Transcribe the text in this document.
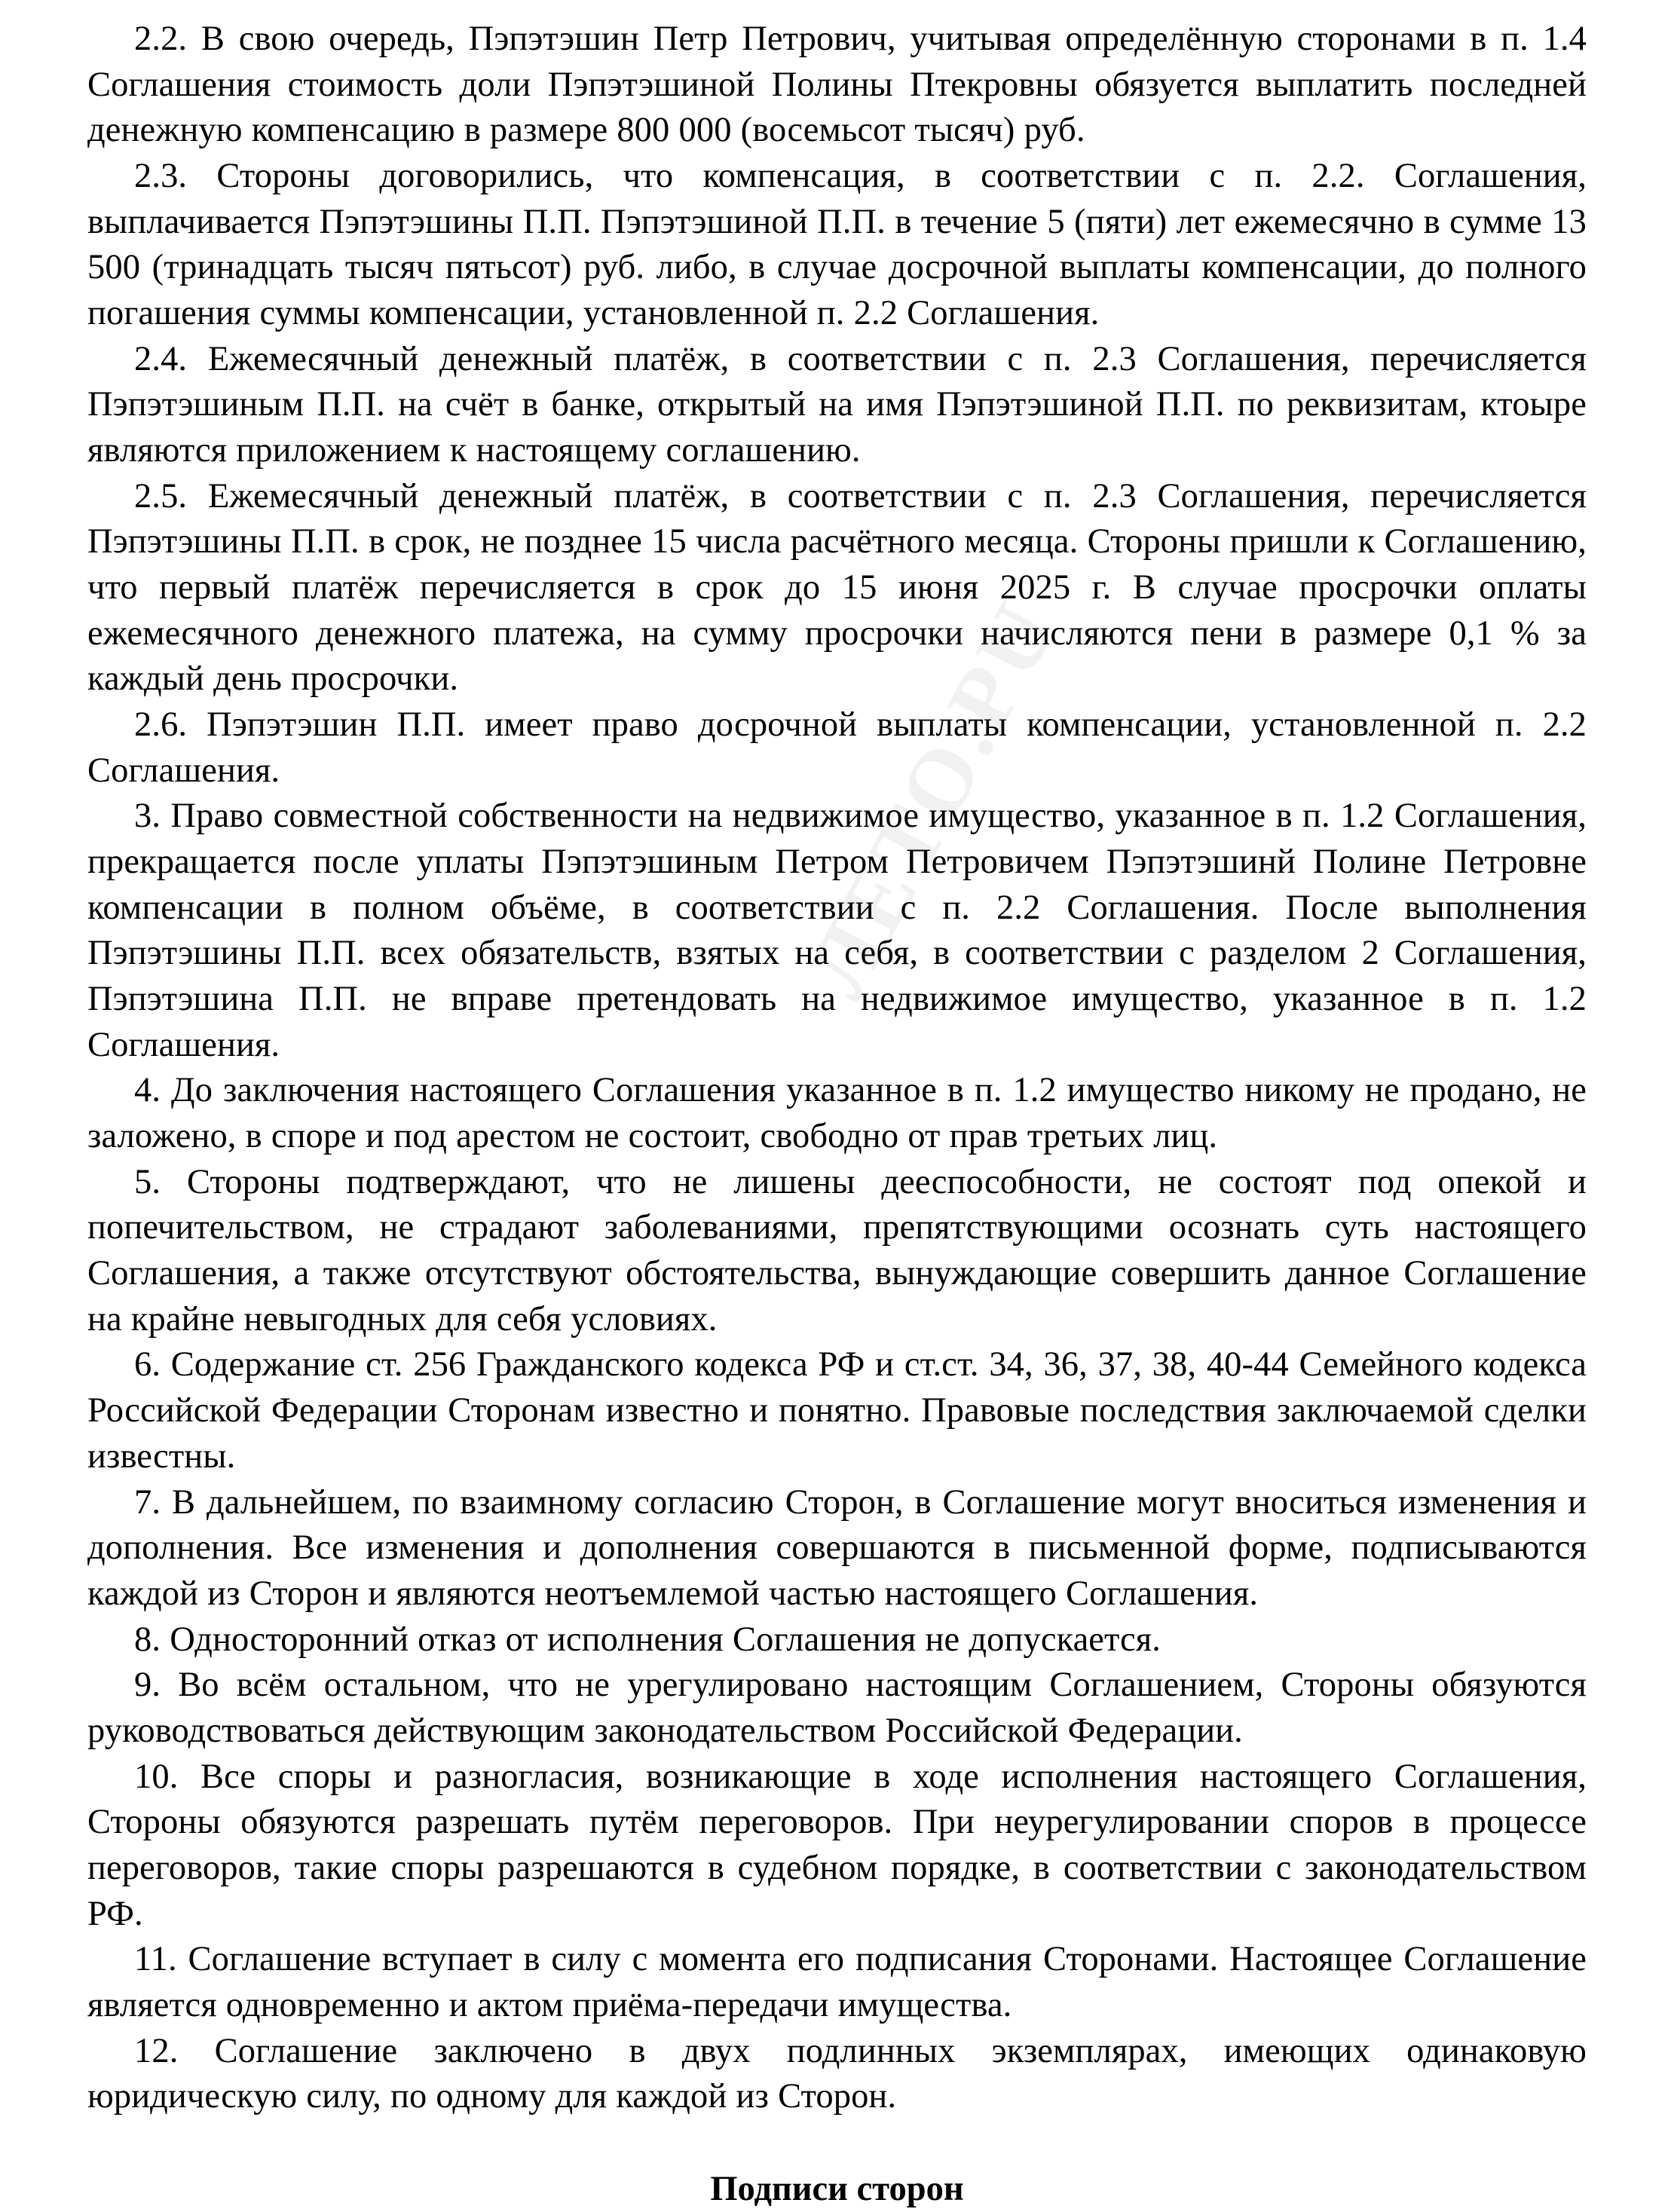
ЛЕТО.РU

2.2. В свою очередь, Пэпэтэшин Петр Петрович, учитывая определённую сторонами в п. 1.4 Соглашения стоимость доли Пэпэтэшиной Полины Птекровны обязуется выплатить последней денежную компенсацию в размере 800 000 (восемьсот тысяч) руб.

2.3. Стороны договорились, что компенсация, в соответствии с п. 2.2. Соглашения, выплачивается Пэпэтэшины П.П. Пэпэтэшиной П.П. в течение 5 (пяти) лет ежемесячно в сумме 13 500 (тринадцать тысяч пятьсот) руб. либо, в случае досрочной выплаты компенсации, до полного погашения суммы компенсации, установленной п. 2.2 Соглашения.

2.4. Ежемесячный денежный платёж, в соответствии с п. 2.3 Соглашения, перечисляется Пэпэтэшиным П.П. на счёт в банке, открытый на имя Пэпэтэшиной П.П. по реквизитам, ктоыре являются приложением к настоящему соглашению.

2.5. Ежемесячный денежный платёж, в соответствии с п. 2.3 Соглашения, перечисляется Пэпэтэшины П.П. в срок, не позднее 15 числа расчётного месяца. Стороны пришли к Соглашению, что первый платёж перечисляется в срок до 15 июня 2025 г. В случае просрочки оплаты ежемесячного денежного платежа, на сумму просрочки начисляются пени в размере 0,1 % за каждый день просрочки.

2.6. Пэпэтэшин П.П. имеет право досрочной выплаты компенсации, установленной п. 2.2 Соглашения.

3. Право совместной собственности на недвижимое имущество, указанное в п. 1.2 Соглашения, прекращается после уплаты Пэпэтэшиным Петром Петровичем Пэпэтэшинй Полине Петровне компенсации в полном объёме, в соответствии с п. 2.2 Соглашения. После выполнения Пэпэтэшины П.П. всех обязательств, взятых на себя, в соответствии с разделом 2 Соглашения, Пэпэтэшина П.П. не вправе претендовать на недвижимое имущество, указанное в п. 1.2 Соглашения.

4. До заключения настоящего Соглашения указанное в п. 1.2 имущество никому не продано, не заложено, в споре и под арестом не состоит, свободно от прав третьих лиц.

5. Стороны подтверждают, что не лишены дееспособности, не состоят под опекой и попечительством, не страдают заболеваниями, препятствующими осознать суть настоящего Соглашения, а также отсутствуют обстоятельства, вынуждающие совершить данное Соглашение на крайне невыгодных для себя условиях.

6. Содержание ст. 256 Гражданского кодекса РФ и ст.ст. 34, 36, 37, 38, 40-44 Семейного кодекса Российской Федерации Сторонам известно и понятно. Правовые последствия заключаемой сделки известны.

7. В дальнейшем, по взаимному согласию Сторон, в Соглашение могут вноситься изменения и дополнения. Все изменения и дополнения совершаются в письменной форме, подписываются каждой из Сторон и являются неотъемлемой частью настоящего Соглашения.

8. Односторонний отказ от исполнения Соглашения не допускается.

9. Во всём остальном, что не урегулировано настоящим Соглашением, Стороны обязуются руководствоваться действующим законодательством Российской Федерации.

10. Все споры и разногласия, возникающие в ходе исполнения настоящего Соглашения, Стороны обязуются разрешать путём переговоров. При неурегулировании споров в процессе переговоров, такие споры разрешаются в судебном порядке, в соответствии с законодательством РФ.

11. Соглашение вступает в силу с момента его подписания Сторонами. Настоящее Соглашение является одновременно и актом приёма-передачи имущества.

12. Соглашение заключено в двух подлинных экземплярах, имеющих одинаковую юридическую силу, по одному для каждой из Сторон.

Подписи сторон
